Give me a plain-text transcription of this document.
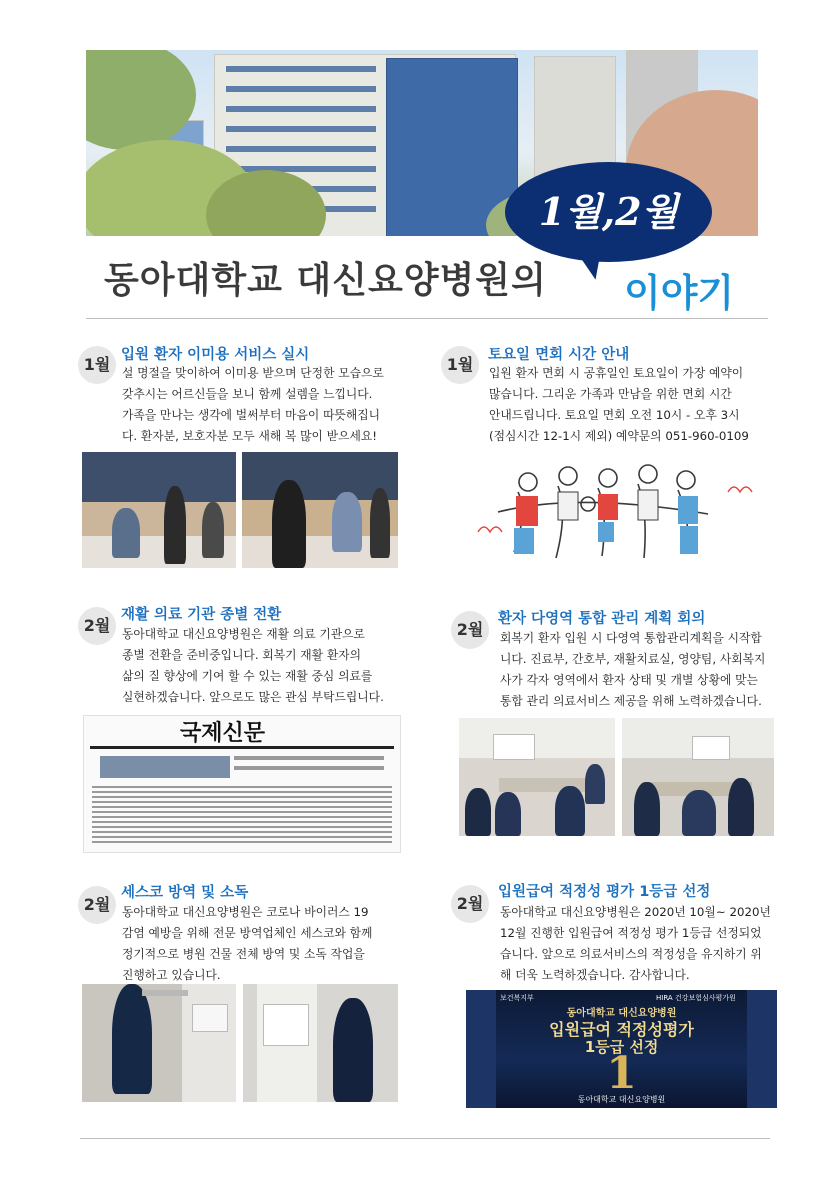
1월,2월
동아대학교 대신요양병원의 이야기
1월 입원 환자 이미용 서비스 실시
설 명절을 맞이하여 이미용 받으며 단정한 모습으로
갖추시는 어르신들을 보니 함께 설렘을 느낍니다.
가족을 만나는 생각에 벌써부터 마음이 따뜻해집니
다. 환자분, 보호자분 모두 새해 복 많이 받으세요!
1월	토요일 면회 시간 안내
입원 환자 면회 시 공휴일인 토요일이 가장 예약이
많습니다. 그리운 가족과 만남을 위한 면회 시간
안내드립니다. 토요일 면회 오전 10시 - 오후 3시
(점심시간 12-1시 제외) 예약문의 051-960-0109
2월
재활 의료 기관 종별 전환
동아대학교 대신요양병원은 재활 의료 기관으로
종별 전환을 준비중입니다. 회복기 재활 환자의
삶의 질 향상에 기여 할 수 있는 재활 중심 의료를
실현하겠습니다. 앞으로도 많은 관심 부탁드립니다.
국제신문
2월
환자 다영역 통합 관리 계획 회의
회복기 환자 입원 시 다영역 통합관리계획을 시작합
니다. 진료부, 간호부, 재활치료실, 영양팀, 사회복지
사가 각자 영역에서 환자 상태 및 개별 상황에 맞는
통합 관리 의료서비스 제공을 위해 노력하겠습니다.
2월
세스코 방역 및 소독
동아대학교 대신요양병원은 코로나 바이러스 19
감염 예방을 위해 전문 방역업체인 세스코와 함께
정기적으로 병원 건물 전체 방역 및 소독 작업을
진행하고 있습니다.
2월
입원급여 적정성 평가 1등급 선정
동아대학교 대신요양병원은 2020년 10월~ 2020년
12월 진행한 입원급여 적정성 평가 1등급 선정되었
습니다. 앞으로 의료서비스의 적정성을 유지하기 위
해 더욱 노력하겠습니다. 감사합니다.
보건복지부	HIRA 건강보험심사평가원
동아대학교 대신요양병원
입원급여 적정성평가
1등급 선정
1
동아대학교 대신요양병원
